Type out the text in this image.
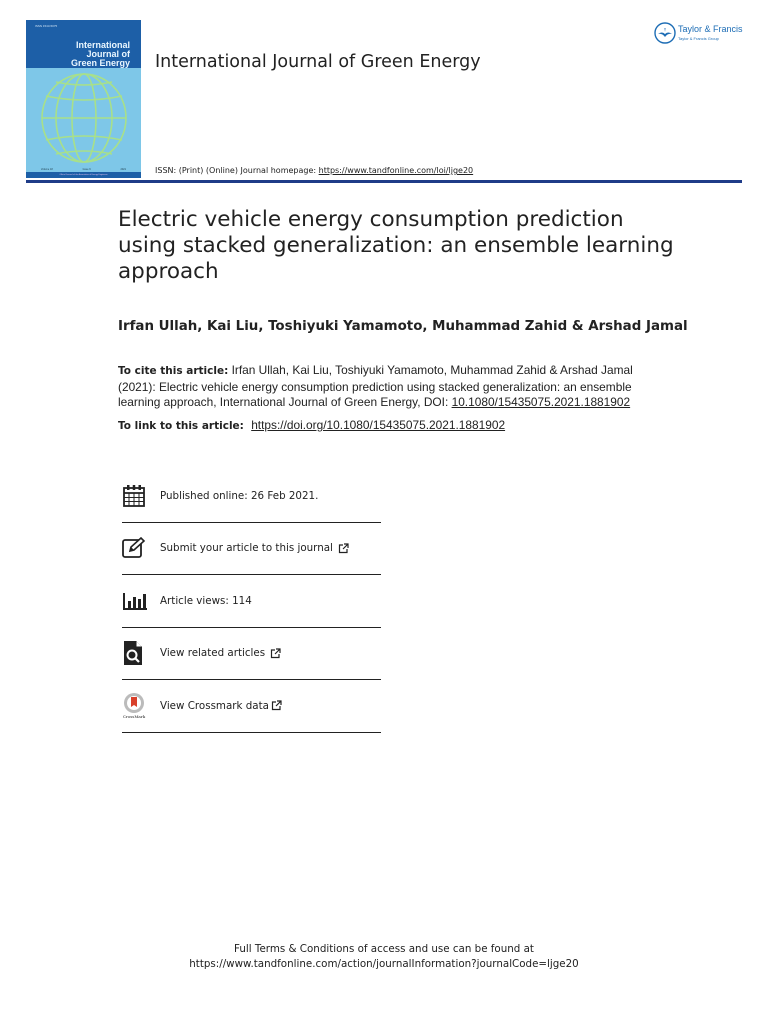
ISSN 1543-5075
International
Journal of
Green Energy
Volume 18	Issue 9	2021
Official Journal of the Association of Energy Engineers
International Journal of Green Energy
Taylor & Francis
Taylor & Francis Group
ISSN: (Print) (Online) Journal homepage: https://www.tandfonline.com/loi/ljge20
Electric vehicle energy consumption prediction using stacked generalization: an ensemble learning approach
Irfan Ullah, Kai Liu, Toshiyuki Yamamoto, Muhammad Zahid & Arshad Jamal
To cite this article: Irfan Ullah, Kai Liu, Toshiyuki Yamamoto, Muhammad Zahid & Arshad Jamal (2021): Electric vehicle energy consumption prediction using stacked generalization: an ensemble learning approach, International Journal of Green Energy, DOI: 10.1080/15435075.2021.1881902
To link to this article: https://doi.org/10.1080/15435075.2021.1881902
Published online: 26 Feb 2021.
Submit your article to this journal
Article views: 114
View related articles
CrossMark
View Crossmark data
Full Terms & Conditions of access and use can be found at
https://www.tandfonline.com/action/journalInformation?journalCode=ljge20
